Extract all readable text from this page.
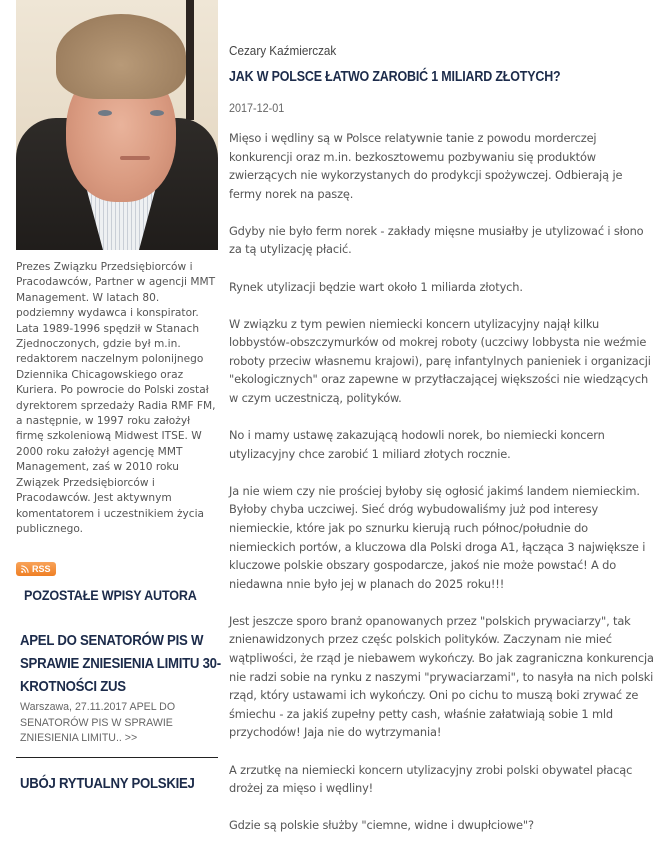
Prezes Związku Przedsiębiorców i Pracodawców, Partner w agencji MMT Management. W latach 80. podziemny wydawca i konspirator. Lata 1989-1996 spędził w Stanach Zjednoczonych, gdzie był m.in. redaktorem naczelnym polonijnego Dziennika Chicagowskiego oraz Kuriera. Po powrocie do Polski został dyrektorem sprzedaży Radia RMF FM, a następnie, w 1997 roku założył firmę szkoleniową Midwest ITSE. W 2000 roku założył agencję MMT Management, zaś w 2010 roku Związek Przedsiębiorców i Pracodawców. Jest aktywnym komentatorem i uczestnikiem życia publicznego.
RSS
POZOSTAŁE WPISY AUTORA
APEL DO SENATORÓW PIS W SPRAWIE ZNIESIENIA LIMITU 30-KROTNOŚCI ZUS
Warszawa, 27.11.2017 APEL DO SENATORÓW PIS W SPRAWIE ZNIESIENIA LIMITU.. >>
UBÓJ RYTUALNY POLSKIEJ
Cezary Kaźmierczak
JAK W POLSCE ŁATWO ZAROBIĆ 1 MILIARD ZŁOTYCH?
2017-12-01

Mięso i wędliny są w Polsce relatywnie tanie z powodu morderczej konkurencji oraz m.in. bezkosztowemu pozbywaniu się produktów zwierzących nie wykorzystanych do prodykcji spożywczej. Odbierają je fermy norek na paszę.

Gdyby nie było ferm norek - zakłady mięsne musiałby je utylizować i słono za tą utylizację płacić.

Rynek utylizacji będzie wart około 1 miliarda złotych.

W związku z tym pewien niemiecki koncern utylizacyjny najął kilku lobbystów-obszczymurków od mokrej roboty (uczciwy lobbysta nie weźmie roboty przeciw własnemu krajowi), parę infantylnych panieniek i organizacji "ekologicznych" oraz zapewne w przytłaczającej większości nie wiedzących w czym uczestniczą, polityków.

No i mamy ustawę zakazującą hodowli norek, bo niemiecki koncern utylizacyjny chce zarobić 1 miliard złotych rocznie.

Ja nie wiem czy nie prościej byłoby się ogłosić jakimś landem niemieckim. Byłoby chyba uczciwej. Sieć dróg wybudowaliśmy już pod interesy niemieckie, które jak po sznurku kierują ruch północ/południe do niemieckich portów, a kluczowa dla Polski droga A1, łącząca 3 największe i kluczowe polskie obszary gospodarcze, jakoś nie może powstać! A do niedawna nnie było jej w planach do 2025 roku!!!

Jest jeszcze sporo branż opanowanych przez "polskich prywaciarzy", tak znienawidzonych przez częśc polskich polityków. Zaczynam nie mieć wątpliwości, że rząd je niebawem wykończy. Bo jak zagraniczna konkurencja nie radzi sobie na rynku z naszymi "prywaciarzami", to nasyła na nich polski rząd, który ustawami ich wykończy. Oni po cichu to muszą boki zrywać ze śmiechu - za jakiś zupełny petty cash, właśnie załatwiają sobie 1 mld przychodów! Jaja nie do wytrzymania!

A zrzutkę na niemiecki koncern utylizacyjny zrobi polski obywatel płacąc drożej za mięso i wędliny!

Gdzie są polskie służby "ciemne, widne i dwupłciowe"?
